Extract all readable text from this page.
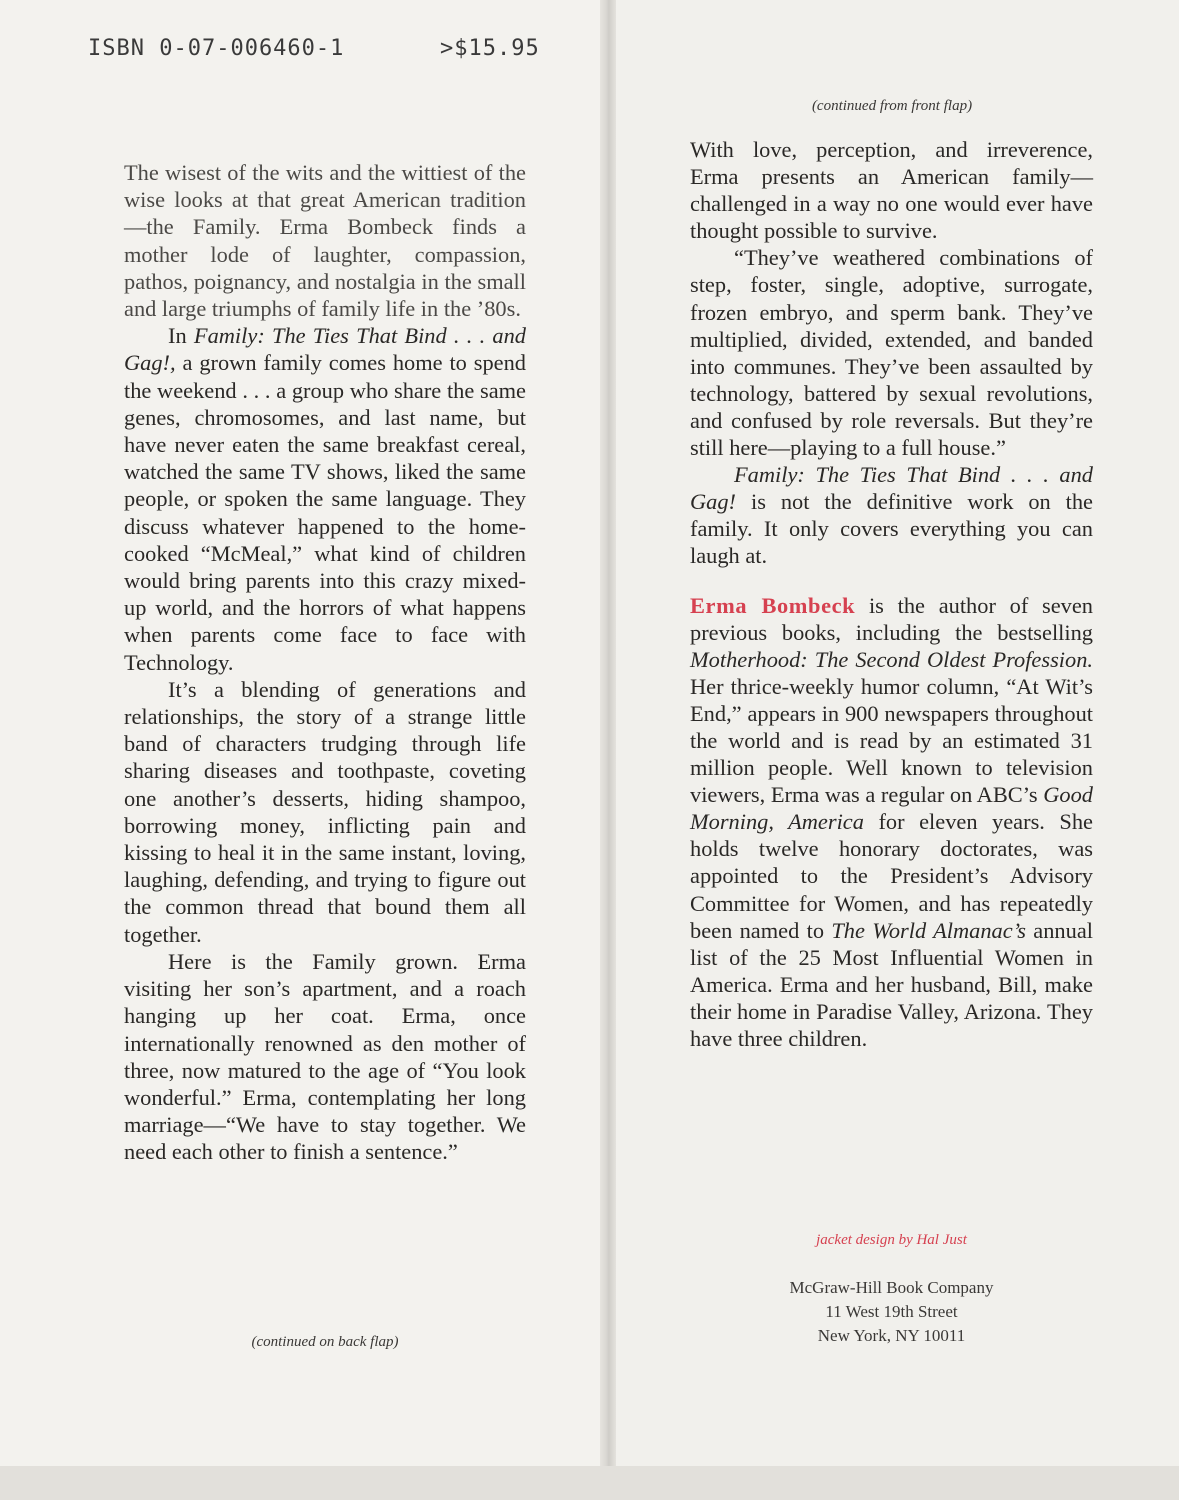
ISBN 0-07-006460-1	>$15.95

The wisest of the wits and the wittiest of the wise looks at that great American tradition—the Family. Erma Bombeck finds a mother lode of laughter, compassion, pathos, poignancy, and nostalgia in the small and large triumphs of family life in the ’80s.

In Family: The Ties That Bind . . . and Gag!, a grown family comes home to spend the weekend . . . a group who share the same genes, chromosomes, and last name, but have never eaten the same breakfast cereal, watched the same TV shows, liked the same people, or spoken the same language. They discuss whatever happened to the home-cooked “McMeal,” what kind of children would bring parents into this crazy mixed-up world, and the horrors of what happens when parents come face to face with Technology.

It’s a blending of generations and relationships, the story of a strange little band of characters trudging through life sharing diseases and toothpaste, coveting one another’s desserts, hiding shampoo, borrowing money, inflicting pain and kissing to heal it in the same instant, loving, laughing, defending, and trying to figure out the common thread that bound them all together.

Here is the Family grown. Erma visiting her son’s apartment, and a roach hanging up her coat. Erma, once internationally renowned as den mother of three, now matured to the age of “You look wonderful.” Erma, contemplating her long marriage—“We have to stay together. We need each other to finish a sentence.”

(continued on back flap)
(continued from front flap)

With love, perception, and irreverence, Erma presents an American family—challenged in a way no one would ever have thought possible to survive.

“They’ve weathered combinations of step, foster, single, adoptive, surrogate, frozen embryo, and sperm bank. They’ve multiplied, divided, extended, and banded into communes. They’ve been assaulted by technology, battered by sexual revolutions, and confused by role reversals. But they’re still here—playing to a full house.”

Family: The Ties That Bind . . . and Gag! is not the definitive work on the family. It only covers everything you can laugh at.

Erma Bombeck is the author of seven previous books, including the bestselling Motherhood: The Second Oldest Profession. Her thrice-weekly humor column, “At Wit’s End,” appears in 900 newspapers throughout the world and is read by an estimated 31 million people. Well known to television viewers, Erma was a regular on ABC’s Good Morning, America for eleven years. She holds twelve honorary doctorates, was appointed to the President’s Advisory Committee for Women, and has repeatedly been named to The World Almanac’s annual list of the 25 Most Influential Women in America. Erma and her husband, Bill, make their home in Paradise Valley, Arizona. They have three children.

jacket design by Hal Just
McGraw-Hill Book Company
11 West 19th Street
New York, NY 10011
